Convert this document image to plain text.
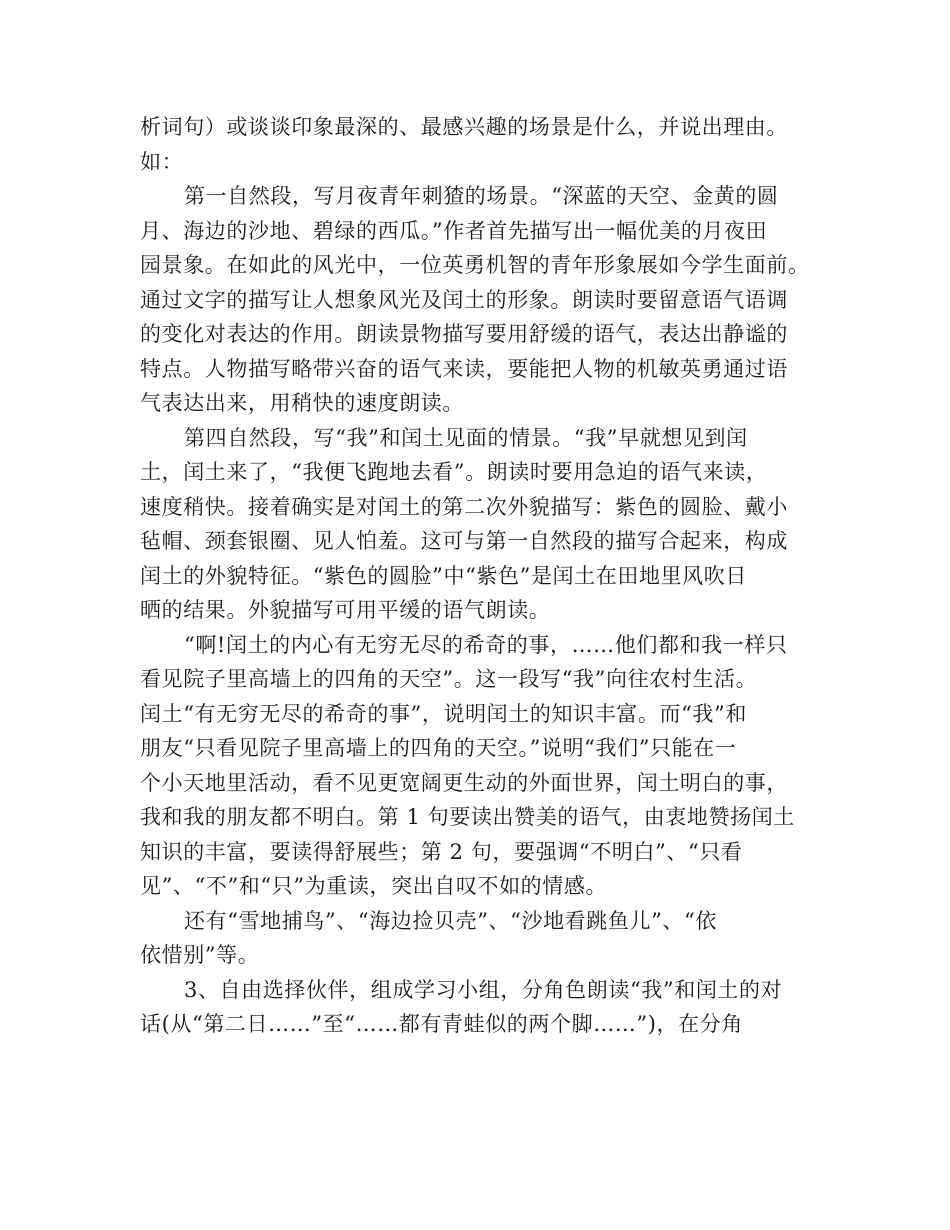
析词句）或谈谈印象最深的、最感兴趣的场景是什么，并说出理由。
如：
第一自然段，写月夜青年刺猹的场景。“深蓝的天空、金黄的圆
月、海边的沙地、碧绿的西瓜。”作者首先描写出一幅优美的月夜田
园景象。在如此的风光中，一位英勇机智的青年形象展如今学生面前。
通过文字的描写让人想象风光及闰土的形象。朗读时要留意语气语调
的变化对表达的作用。朗读景物描写要用舒缓的语气，表达出静谧的
特点。人物描写略带兴奋的语气来读，要能把人物的机敏英勇通过语
气表达出来，用稍快的速度朗读。
第四自然段，写“我”和闰土见面的情景。“我”早就想见到闰
土，闰土来了，“我便飞跑地去看”。朗读时要用急迫的语气来读，
速度稍快。接着确实是对闰土的第二次外貌描写：紫色的圆脸、戴小
毡帽、颈套银圈、见人怕羞。这可与第一自然段的描写合起来，构成
闰土的外貌特征。“紫色的圆脸”中“紫色”是闰土在田地里风吹日
晒的结果。外貌描写可用平缓的语气朗读。
“啊!闰土的内心有无穷无尽的希奇的事，……他们都和我一样只
看见院子里高墙上的四角的天空”。这一段写“我”向往农村生活。
闰土“有无穷无尽的希奇的事”，说明闰土的知识丰富。而“我”和
朋友“只看见院子里高墙上的四角的天空。”说明“我们”只能在一
个小天地里活动，看不见更宽阔更生动的外面世界，闰土明白的事，
我和我的朋友都不明白。第 1 句要读出赞美的语气，由衷地赞扬闰土
知识的丰富，要读得舒展些；第 2 句，要强调“不明白”、“只看
见”、“不”和“只”为重读，突出自叹不如的情感。
还有“雪地捕鸟”、“海边捡贝壳”、“沙地看跳鱼儿”、“依
依惜别”等。
3、自由选择伙伴，组成学习小组，分角色朗读“我”和闰土的对
话(从“第二日……”至“……都有青蛙似的两个脚……”)，在分角
